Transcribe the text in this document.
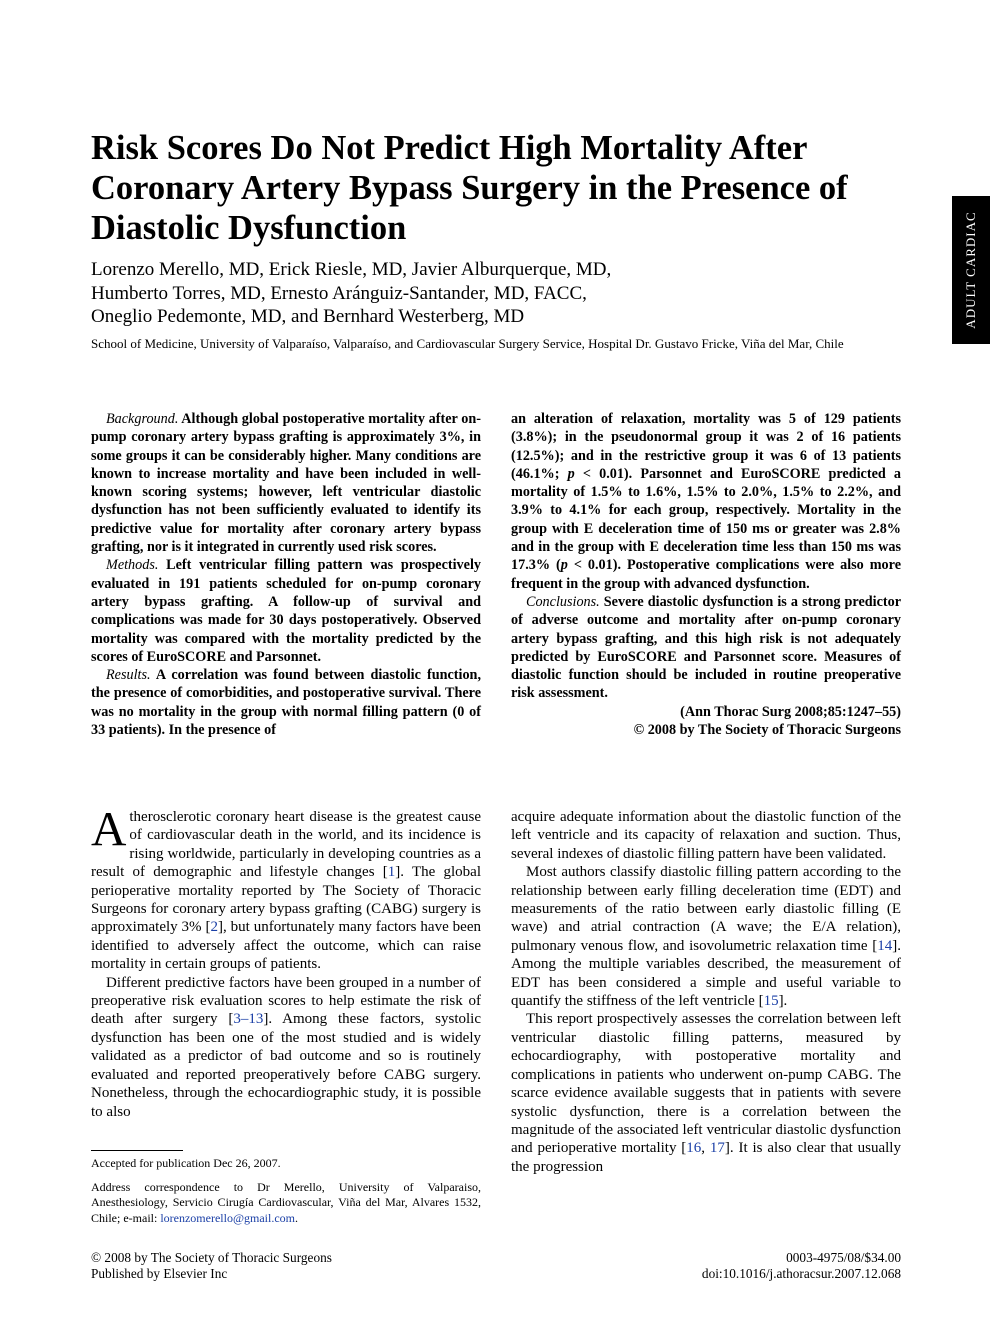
ADULT CARDIAC
Risk Scores Do Not Predict High Mortality After Coronary Artery Bypass Surgery in the Presence of Diastolic Dysfunction
Lorenzo Merello, MD, Erick Riesle, MD, Javier Alburquerque, MD,
Humberto Torres, MD, Ernesto Aránguiz-Santander, MD, FACC,
Oneglio Pedemonte, MD, and Bernhard Westerberg, MD
School of Medicine, University of Valparaíso, Valparaíso, and Cardiovascular Surgery Service, Hospital Dr. Gustavo Fricke, Viña del Mar, Chile

Background. Although global postoperative mortality after on-pump coronary artery bypass grafting is approximately 3%, in some groups it can be considerably higher. Many conditions are known to increase mortality and have been included in well-known scoring systems; however, left ventricular diastolic dysfunction has not been sufficiently evaluated to identify its predictive value for mortality after coronary artery bypass grafting, nor is it integrated in currently used risk scores.

Methods. Left ventricular filling pattern was prospectively evaluated in 191 patients scheduled for on-pump coronary artery bypass grafting. A follow-up of survival and complications was made for 30 days postoperatively. Observed mortality was compared with the mortality predicted by the scores of EuroSCORE and Parsonnet.

Results. A correlation was found between diastolic function, the presence of comorbidities, and postoperative survival. There was no mortality in the group with normal filling pattern (0 of 33 patients). In the presence of

an alteration of relaxation, mortality was 5 of 129 patients (3.8%); in the pseudonormal group it was 2 of 16 patients (12.5%); and in the restrictive group it was 6 of 13 patients (46.1%; p < 0.01). Parsonnet and EuroSCORE predicted a mortality of 1.5% to 1.6%, 1.5% to 2.0%, 1.5% to 2.2%, and 3.9% to 4.1% for each group, respectively. Mortality in the group with E deceleration time of 150 ms or greater was 2.8% and in the group with E deceleration time less than 150 ms was 17.3% (p < 0.01). Postoperative complications were also more frequent in the group with advanced dysfunction.

Conclusions. Severe diastolic dysfunction is a strong predictor of adverse outcome and mortality after on-pump coronary artery bypass grafting, and this high risk is not adequately predicted by EuroSCORE and Parsonnet score. Measures of diastolic function should be included in routine preoperative risk assessment.

(Ann Thorac Surg 2008;85:1247–55)
© 2008 by The Society of Thoracic Surgeons

Atherosclerotic coronary heart disease is the greatest cause of cardiovascular death in the world, and its incidence is rising worldwide, particularly in developing countries as a result of demographic and lifestyle changes [1]. The global perioperative mortality reported by The Society of Thoracic Surgeons for coronary artery bypass grafting (CABG) surgery is approximately 3% [2], but unfortunately many factors have been identified to adversely affect the outcome, which can raise mortality in certain groups of patients.

Different predictive factors have been grouped in a number of preoperative risk evaluation scores to help estimate the risk of death after surgery [3–13]. Among these factors, systolic dysfunction has been one of the most studied and is widely validated as a predictor of bad outcome and so is routinely evaluated and reported preoperatively before CABG surgery. Nonetheless, through the echocardiographic study, it is possible to also

acquire adequate information about the diastolic function of the left ventricle and its capacity of relaxation and suction. Thus, several indexes of diastolic filling pattern have been validated.

Most authors classify diastolic filling pattern according to the relationship between early filling deceleration time (EDT) and measurements of the ratio between early diastolic filling (E wave) and atrial contraction (A wave; the E/A relation), pulmonary venous flow, and isovolumetric relaxation time [14]. Among the multiple variables described, the measurement of EDT has been considered a simple and useful variable to quantify the stiffness of the left ventricle [15].

This report prospectively assesses the correlation between left ventricular diastolic filling patterns, measured by echocardiography, with postoperative mortality and complications in patients who underwent on-pump CABG. The scarce evidence available suggests that in patients with severe systolic dysfunction, there is a correlation between the magnitude of the associated left ventricular diastolic dysfunction and perioperative mortality [16, 17]. It is also clear that usually the progression

Accepted for publication Dec 26, 2007.

Address correspondence to Dr Merello, University of Valparaiso, Anesthesiology, Servicio Cirugía Cardiovascular, Viña del Mar, Alvares 1532, Chile; e-mail: lorenzomerello@gmail.com.

© 2008 by The Society of Thoracic Surgeons
Published by Elsevier Inc
0003-4975/08/$34.00
doi:10.1016/j.athoracsur.2007.12.068
